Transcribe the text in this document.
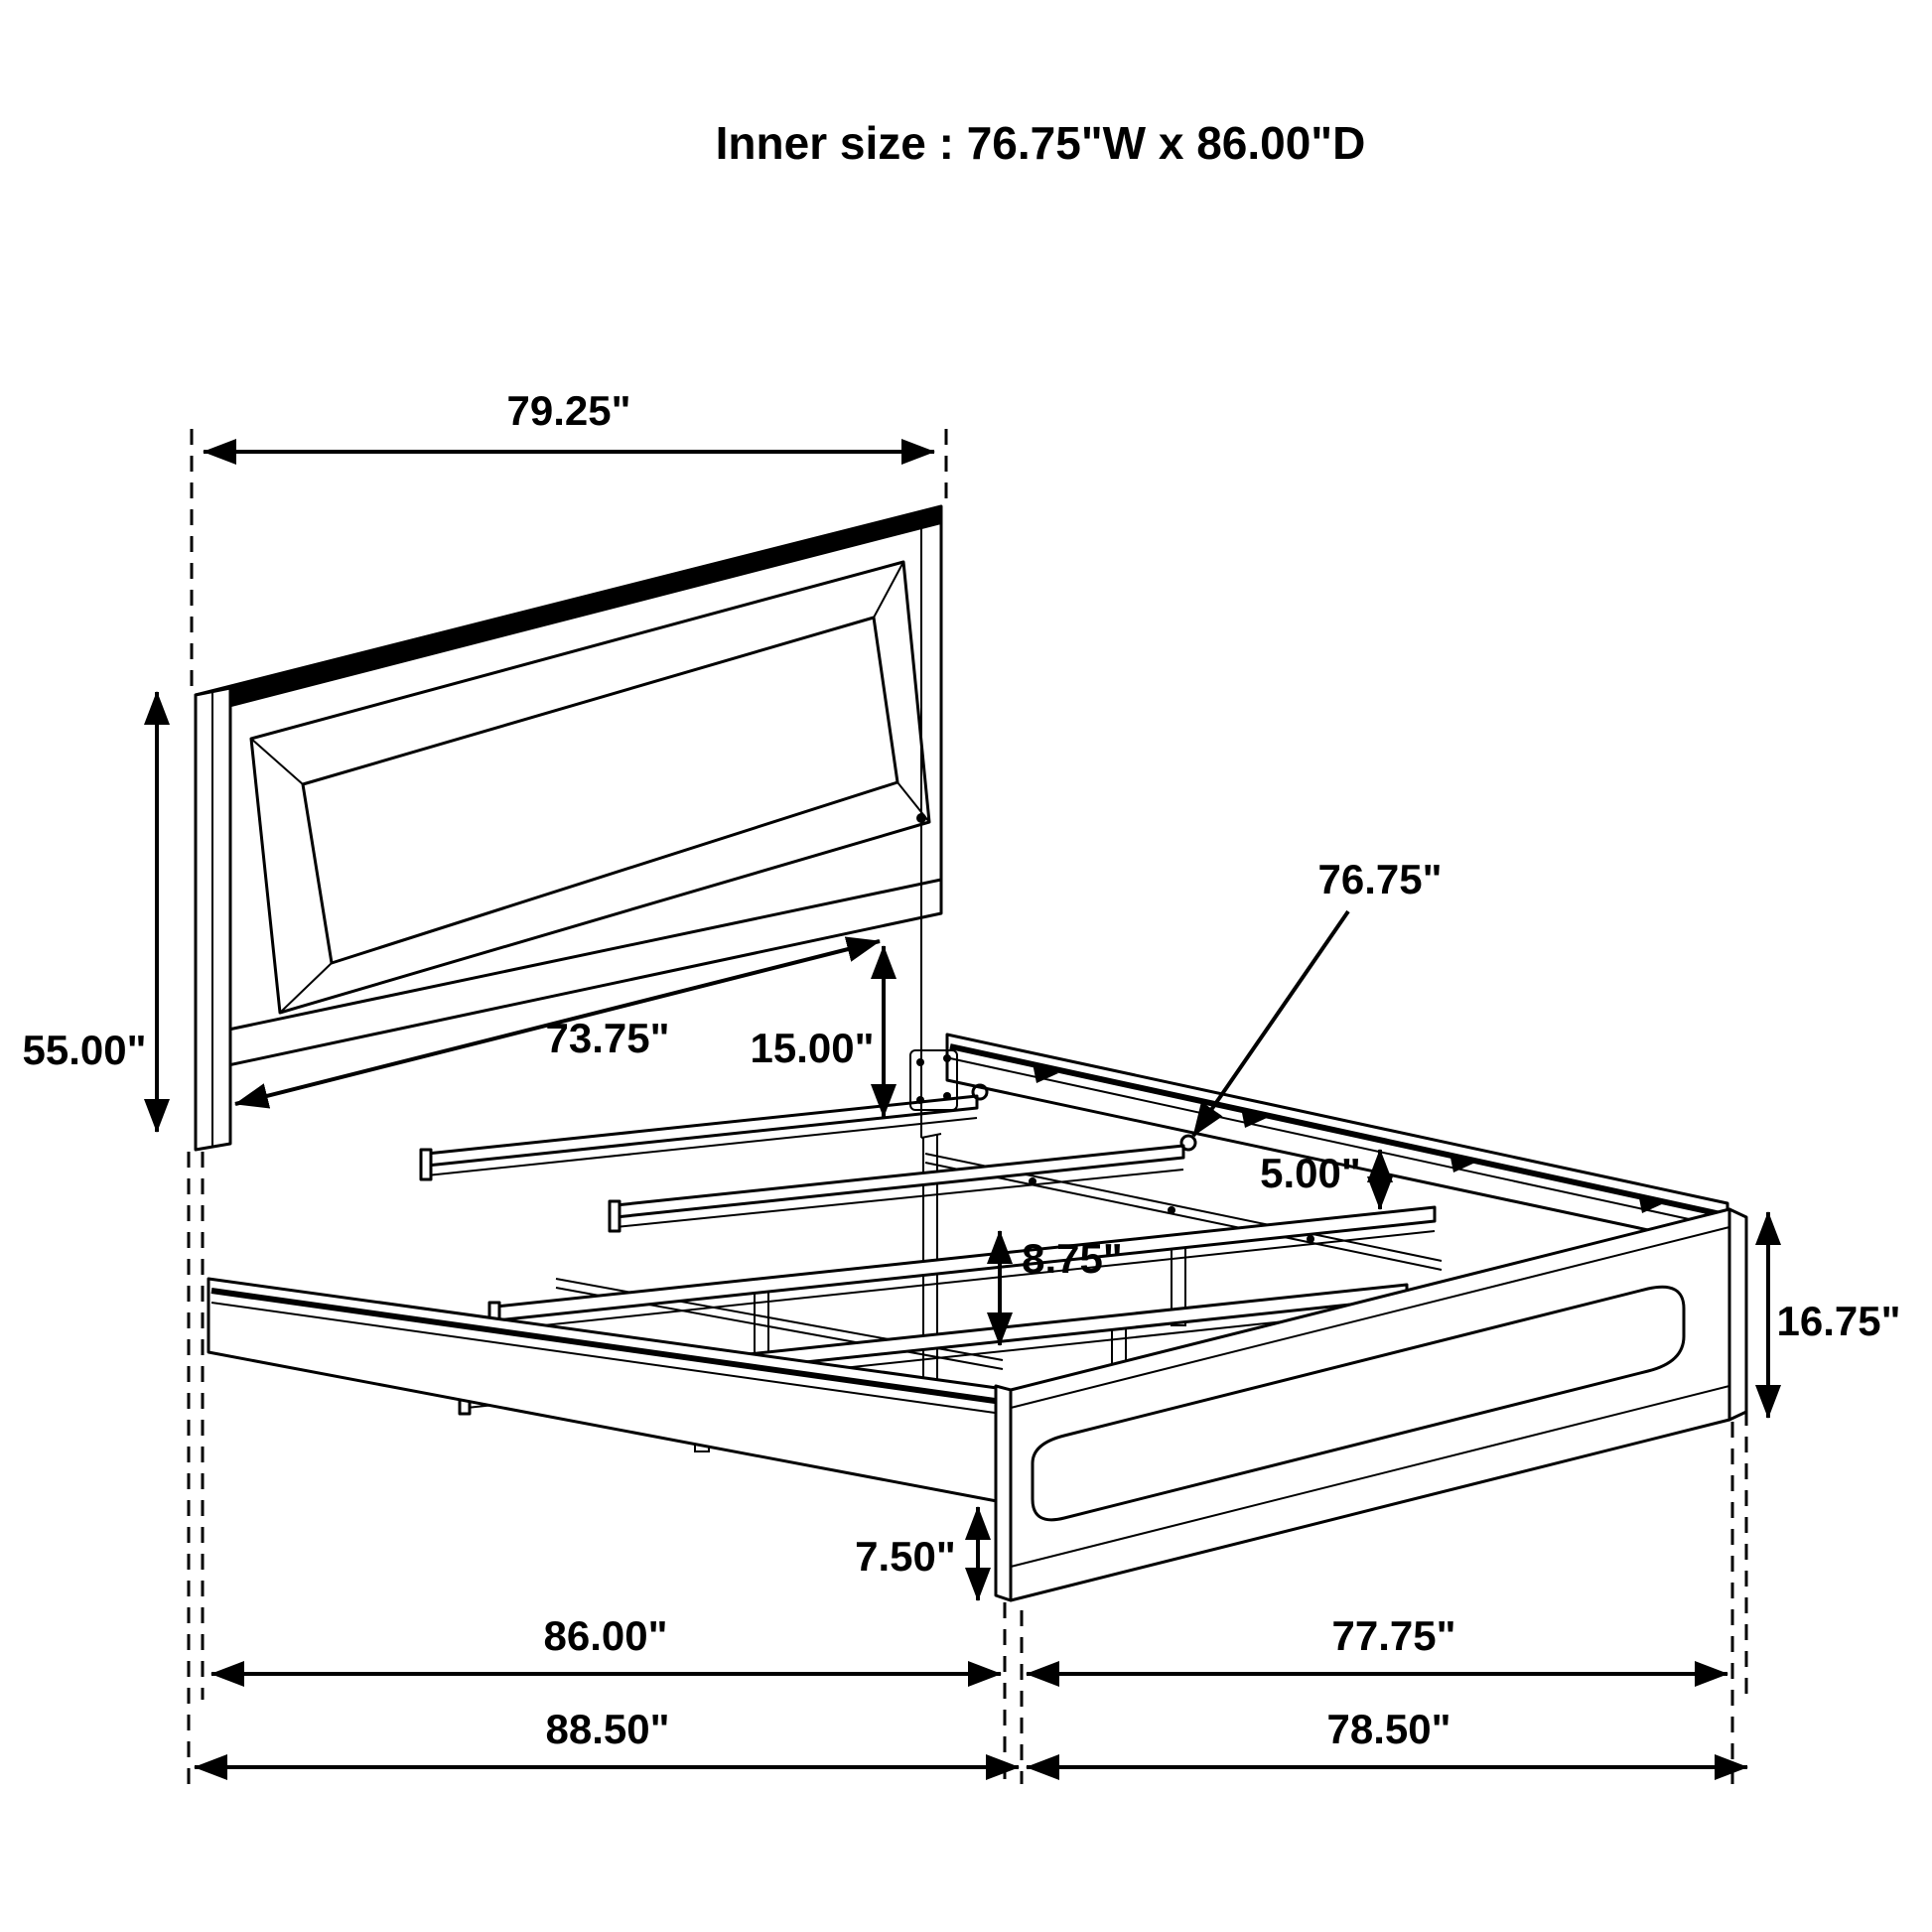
Inner size : 76.75"W x 86.00"D
79.25"
55.00"	73.75" 15.00"
76.75"
5.00"
8.75"
16.75"
7.50"
86.00"	77.75"
88.50"	78.50"
